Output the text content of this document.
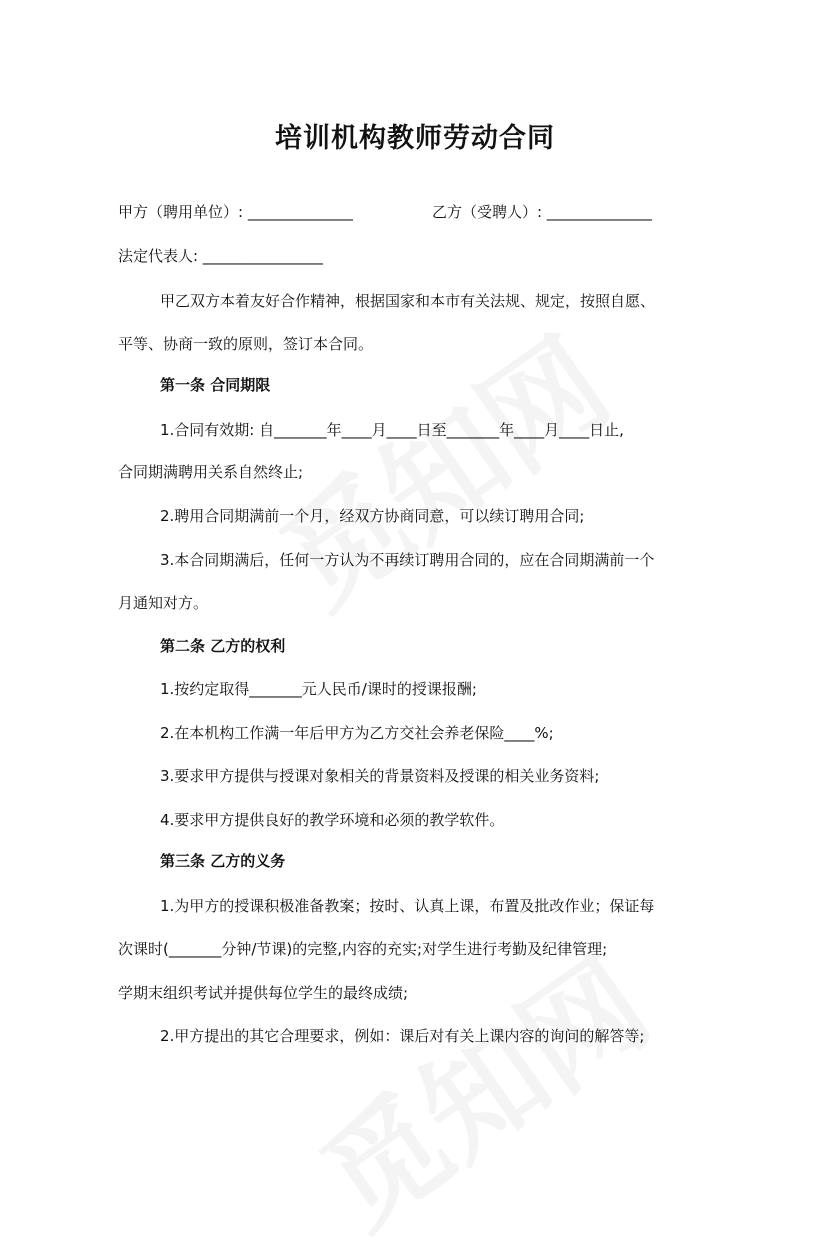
培训机构教师劳动合同
甲方（聘用单位）: ______________	乙方（受聘人）: ______________
法定代表人: ________________
甲乙双方本着友好合作精神，根据国家和本市有关法规、规定，按照自愿、
平等、协商一致的原则，签订本合同。
第一条 合同期限
1.合同有效期: 自_______年____月____日至_______年____月____日止,
合同期满聘用关系自然终止;
2.聘用合同期满前一个月，经双方协商同意，可以续订聘用合同;
3.本合同期满后，任何一方认为不再续订聘用合同的，应在合同期满前一个
月通知对方。
第二条 乙方的权利
1.按约定取得_______元人民币/课时的授课报酬;
2.在本机构工作满一年后甲方为乙方交社会养老保险____%;
3.要求甲方提供与授课对象相关的背景资料及授课的相关业务资料;
4.要求甲方提供良好的教学环境和必须的教学软件。
第三条 乙方的义务
1.为甲方的授课积极准备教案；按时、认真上课，布置及批改作业；保证每
次课时(_______分钟/节课)的完整,内容的充实;对学生进行考勤及纪律管理;
学期末组织考试并提供每位学生的最终成绩;
2.甲方提出的其它合理要求，例如：课后对有关上课内容的询问的解答等;
